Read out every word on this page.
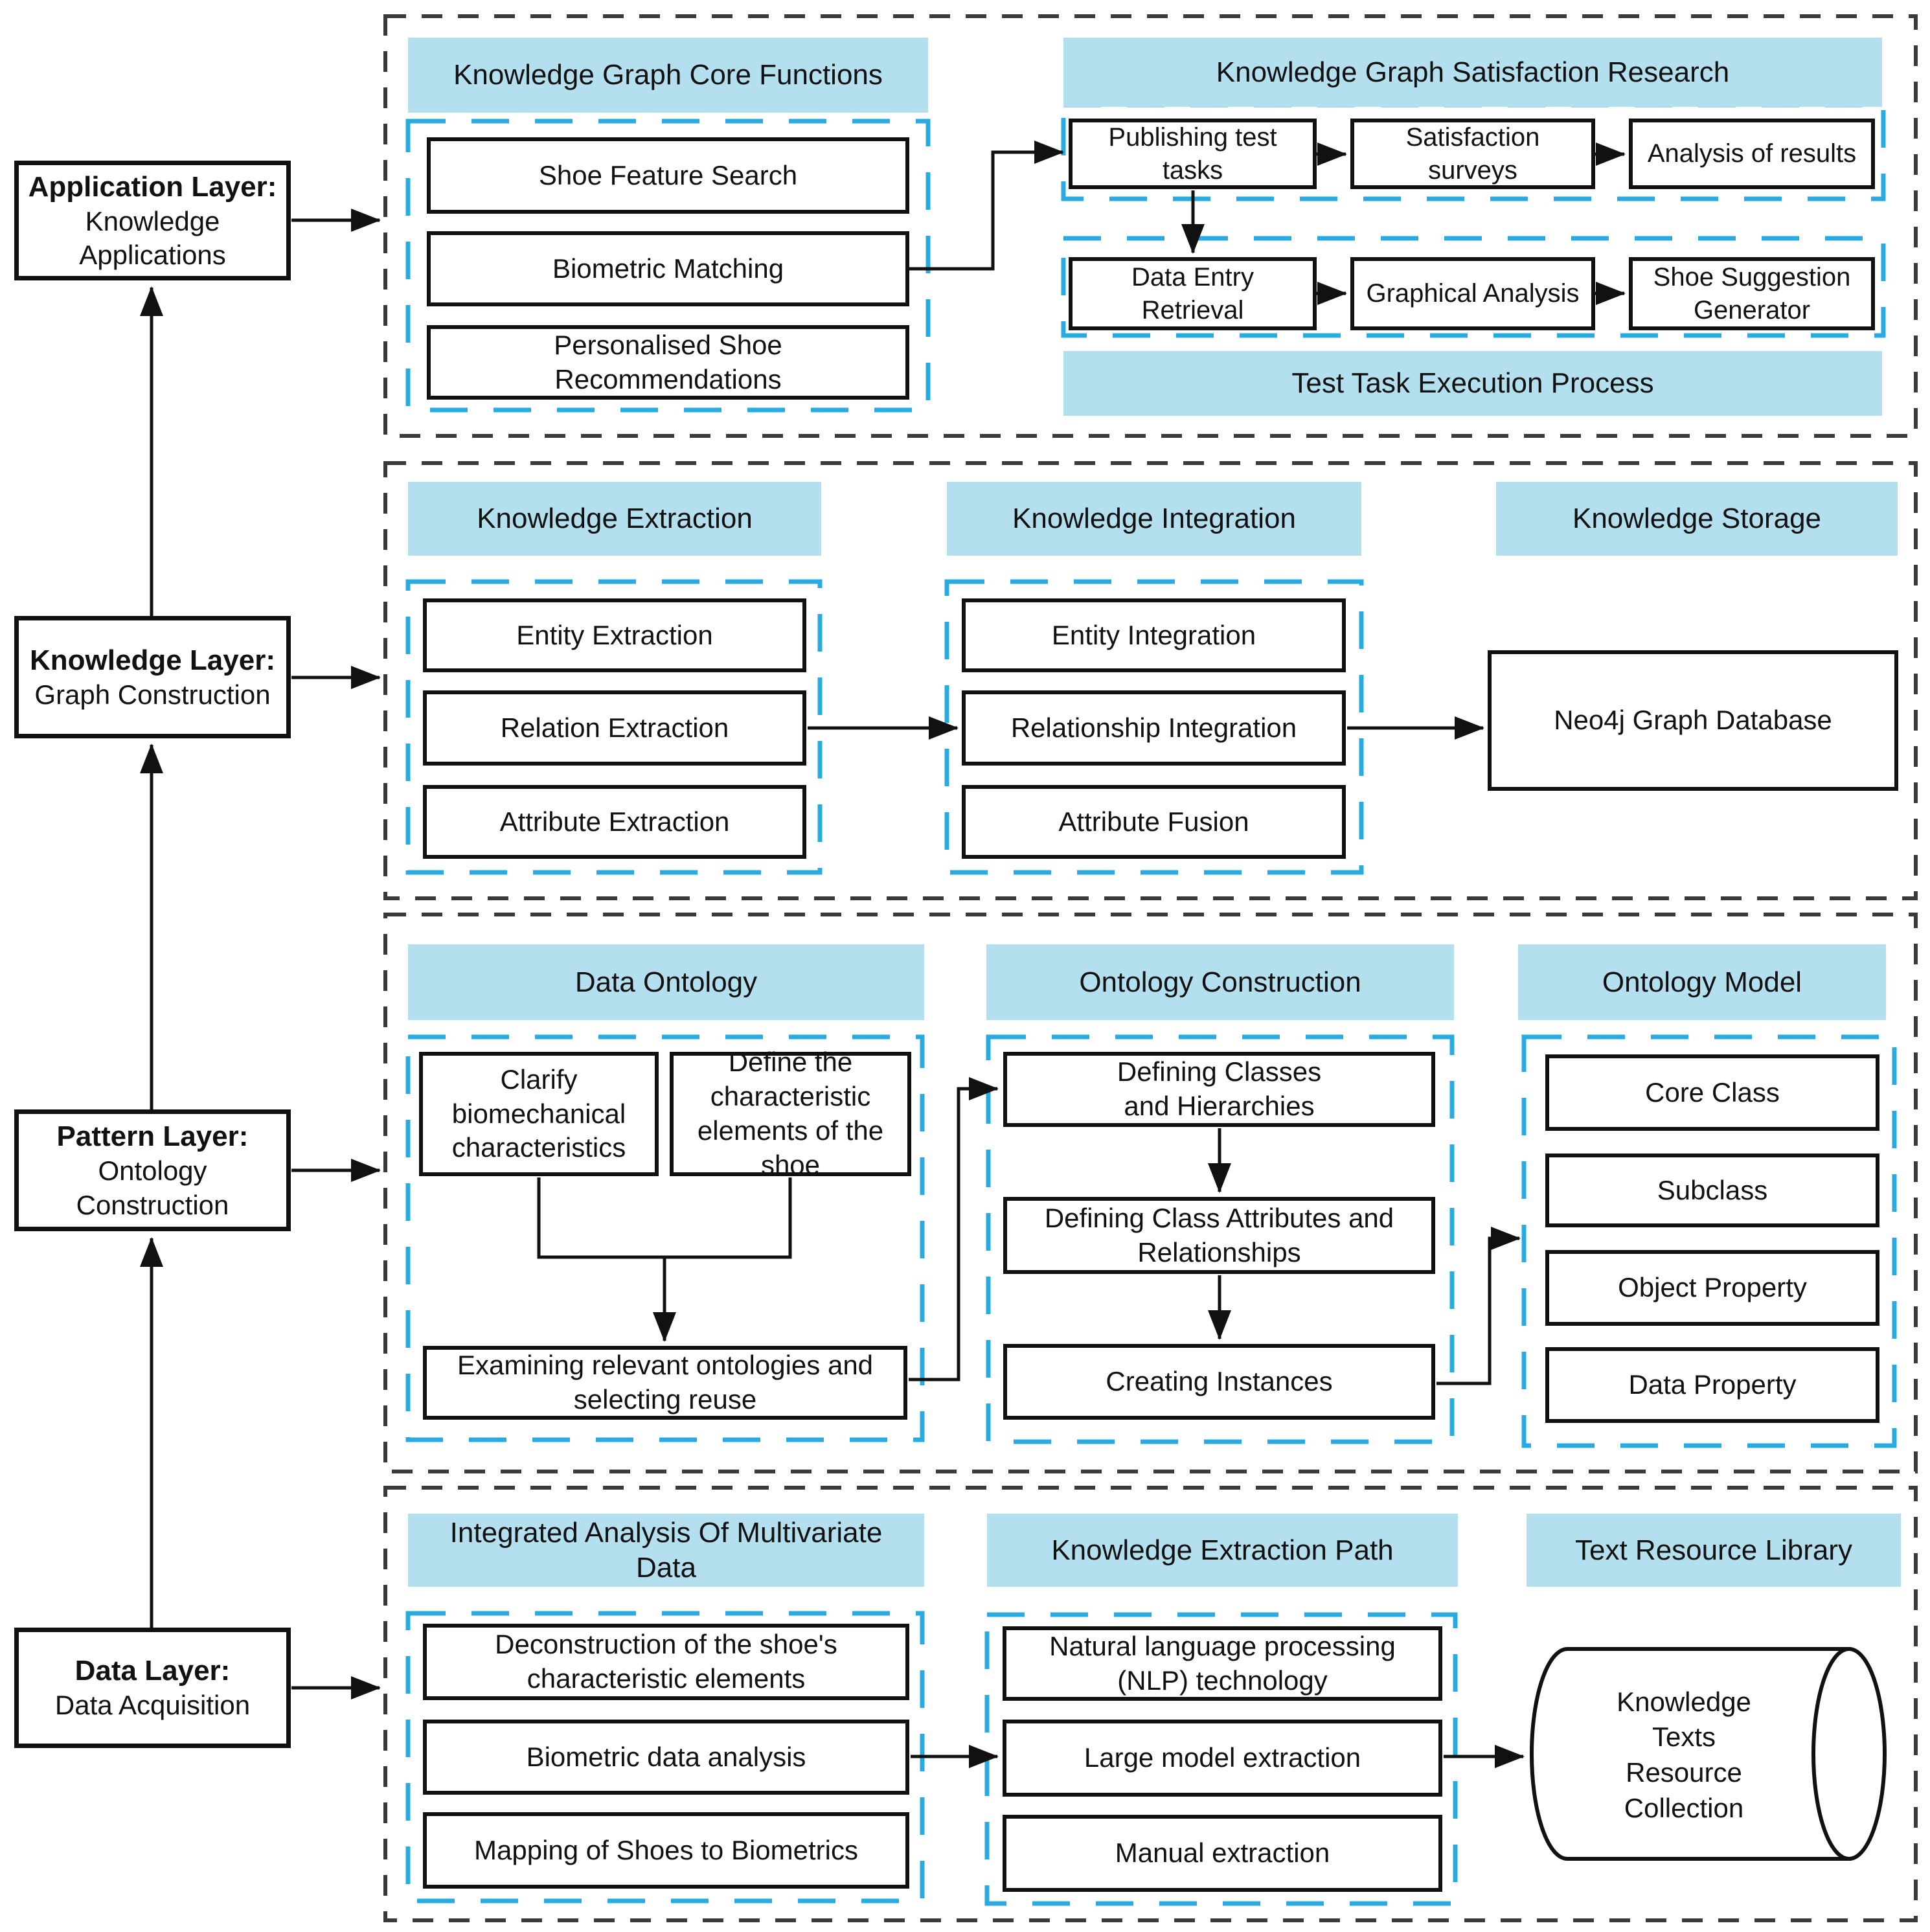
Application Layer:
Knowledge Applications
Knowledge Layer:
Graph Construction
Pattern Layer:
Ontology Construction
Data Layer:
Data Acquisition
Knowledge Graph Core Functions
Shoe Feature Search
Biometric Matching
Personalised Shoe Recommendations
Knowledge Graph Satisfaction Research
Publishing test tasks
Satisfaction surveys
Analysis of results
Data Entry Retrieval
Graphical Analysis
Shoe Suggestion Generator
Test Task Execution Process
Knowledge Extraction
Entity Extraction
Relation Extraction
Attribute Extraction
Knowledge Integration
Entity Integration
Relationship Integration
Attribute Fusion
Knowledge Storage
Neo4j Graph Database
Data Ontology
Clarify biomechanical characteristics
Define the characteristic elements of the shoe
Examining relevant ontologies and selecting reuse
Ontology Construction
Defining Classes and Hierarchies
Defining Class Attributes and Relationships
Creating Instances
Ontology Model
Core Class
Subclass
Object Property
Data Property
Integrated Analysis Of Multivariate Data
Deconstruction of the shoe's characteristic elements
Biometric data analysis
Mapping of Shoes to Biometrics
Knowledge Extraction Path
Natural language processing (NLP) technology
Large model extraction
Manual extraction
Text Resource Library
Knowledge Texts Resource Collection
